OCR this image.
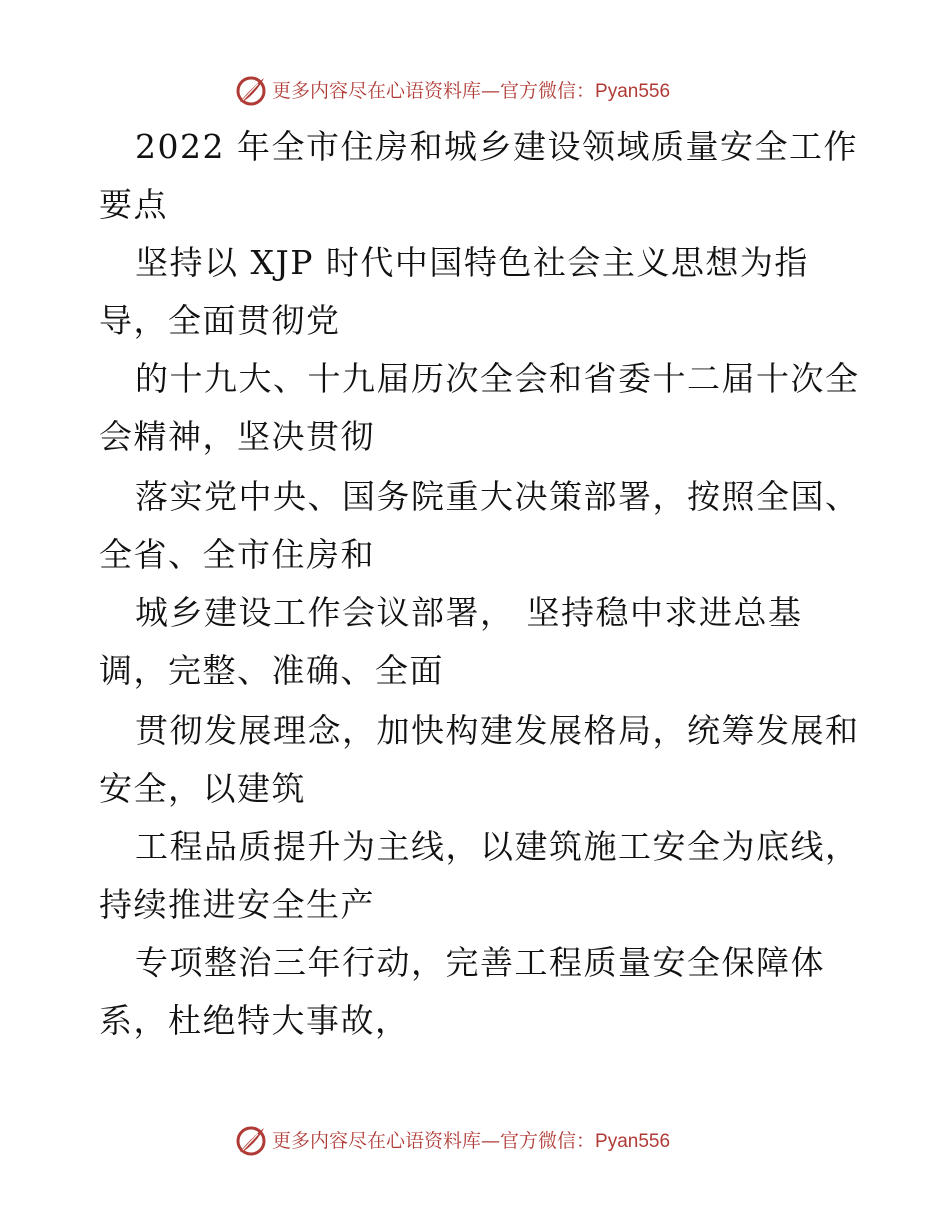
更多内容尽在心语资料库—官方微信：Pyan556
2022 年全市住房和城乡建设领域质量安全工作
要点
坚持以 XJP 时代中国特色社会主义思想为指
导，全面贯彻党
的十九大、十九届历次全会和省委十二届十次全
会精神，坚决贯彻
落实党中央、国务院重大决策部署，按照全国、
全省、全市住房和
城乡建设工作会议部署， 坚持稳中求进总基
调，完整、准确、全面
贯彻发展理念，加快构建发展格局，统筹发展和
安全，以建筑
工程品质提升为主线，以建筑施工安全为底线，
持续推进安全生产
专项整治三年行动，完善工程质量安全保障体
系，杜绝特大事故，
更多内容尽在心语资料库—官方微信：Pyan556
